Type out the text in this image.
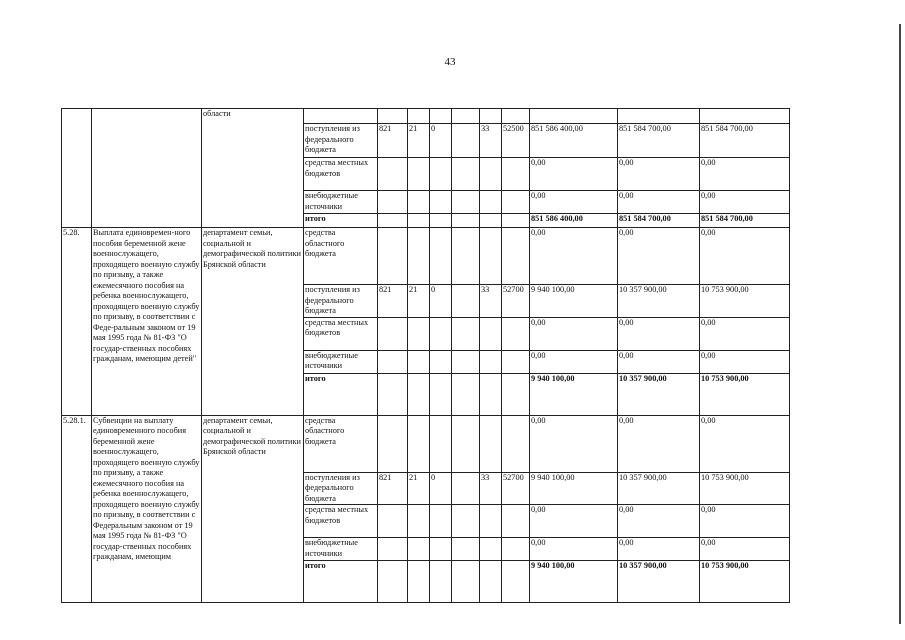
43
		области										
			поступления из федерального бюджета	821	21	0		33	52500	851 586 400,00	851 584 700,00	851 584 700,00
			средства местных бюджетов							0,00	0,00	0,00
			внебюджетные источники							0,00	0,00	0,00
			итого							851 586 400,00	851 584 700,00	851 584 700,00
5.28.	Выплата единовремен-ного пособия беременной жене военнослужащего, проходящего военную службу по призыву, а также ежемесячного пособия на ребенка военнослужащего, проходящего военную службу по призыву, в соответствии с Феде-ральным законом от 19 мая 1995 года № 81-ФЗ "О государ-ственных пособиях гражданам, имеющим детей"	департамент семьи, социальной и демографической политики Брянской области	средства областного бюджета							0,00	0,00	0,00
			поступления из федерального бюджета	821	21	0		33	52700	9 940 100,00	10 357 900,00	10 753 900,00
			средства местных бюджетов							0,00	0,00	0,00
			внебюджетные источники							0,00	0,00	0,00
			итого							9 940 100,00	10 357 900,00	10 753 900,00
5.28.1.	Субвенции на выплату единовременного пособия беременной жене военнослужащего, проходящего военную службу по призыву, а также ежемесячного пособия на ребенка военнослужащего, проходящего военную службу по призыву, в соответствии с Федеральным законом от 19 мая 1995 года № 81-ФЗ "О государ-ственных пособиях гражданам, имеющим	департамент семьи, социальной и демографической политики Брянской области	средства областного бюджета							0,00	0,00	0,00
			поступления из федерального бюджета	821	21	0		33	52700	9 940 100,00	10 357 900,00	10 753 900,00
			средства местных бюджетов							0,00	0,00	0,00
			внебюджетные источники							0,00	0,00	0,00
			итого							9 940 100,00	10 357 900,00	10 753 900,00
